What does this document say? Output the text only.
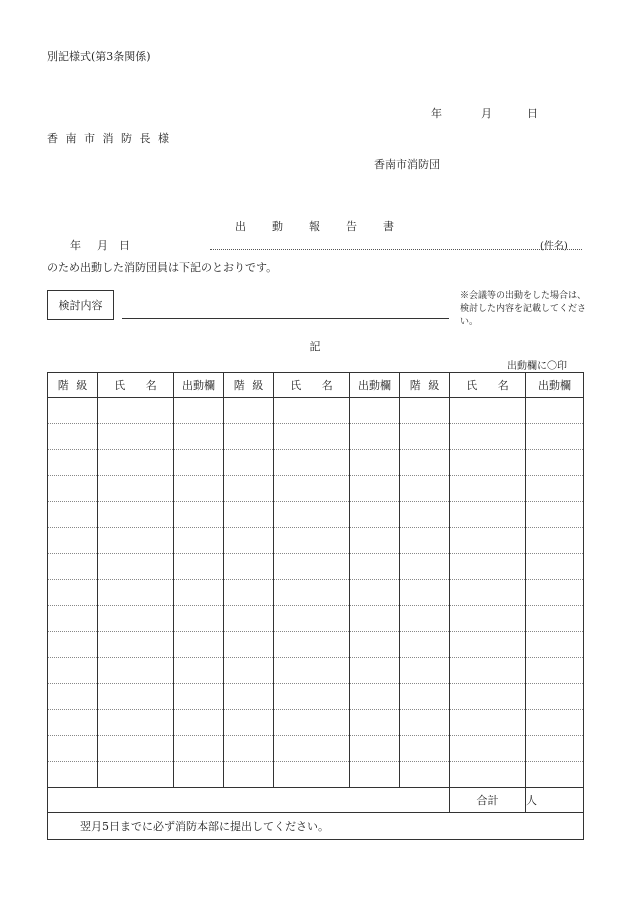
別記様式(第3条関係)
年	月	日
香 南 市 消 防 長 様
香南市消防団
出	動	報	告	書
年 月 日	(件名)
のため出動した消防団員は下記のとおりです。
検討内容
※会議等の出動をした場合は、検討した内容を記載してください。
記
出動欄に〇印
階 級	氏 名	出動欄	階 級	氏 名	出動欄	階 級	氏 名	出動欄

							合計	人
翌月5日までに必ず消防本部に提出してください。								
